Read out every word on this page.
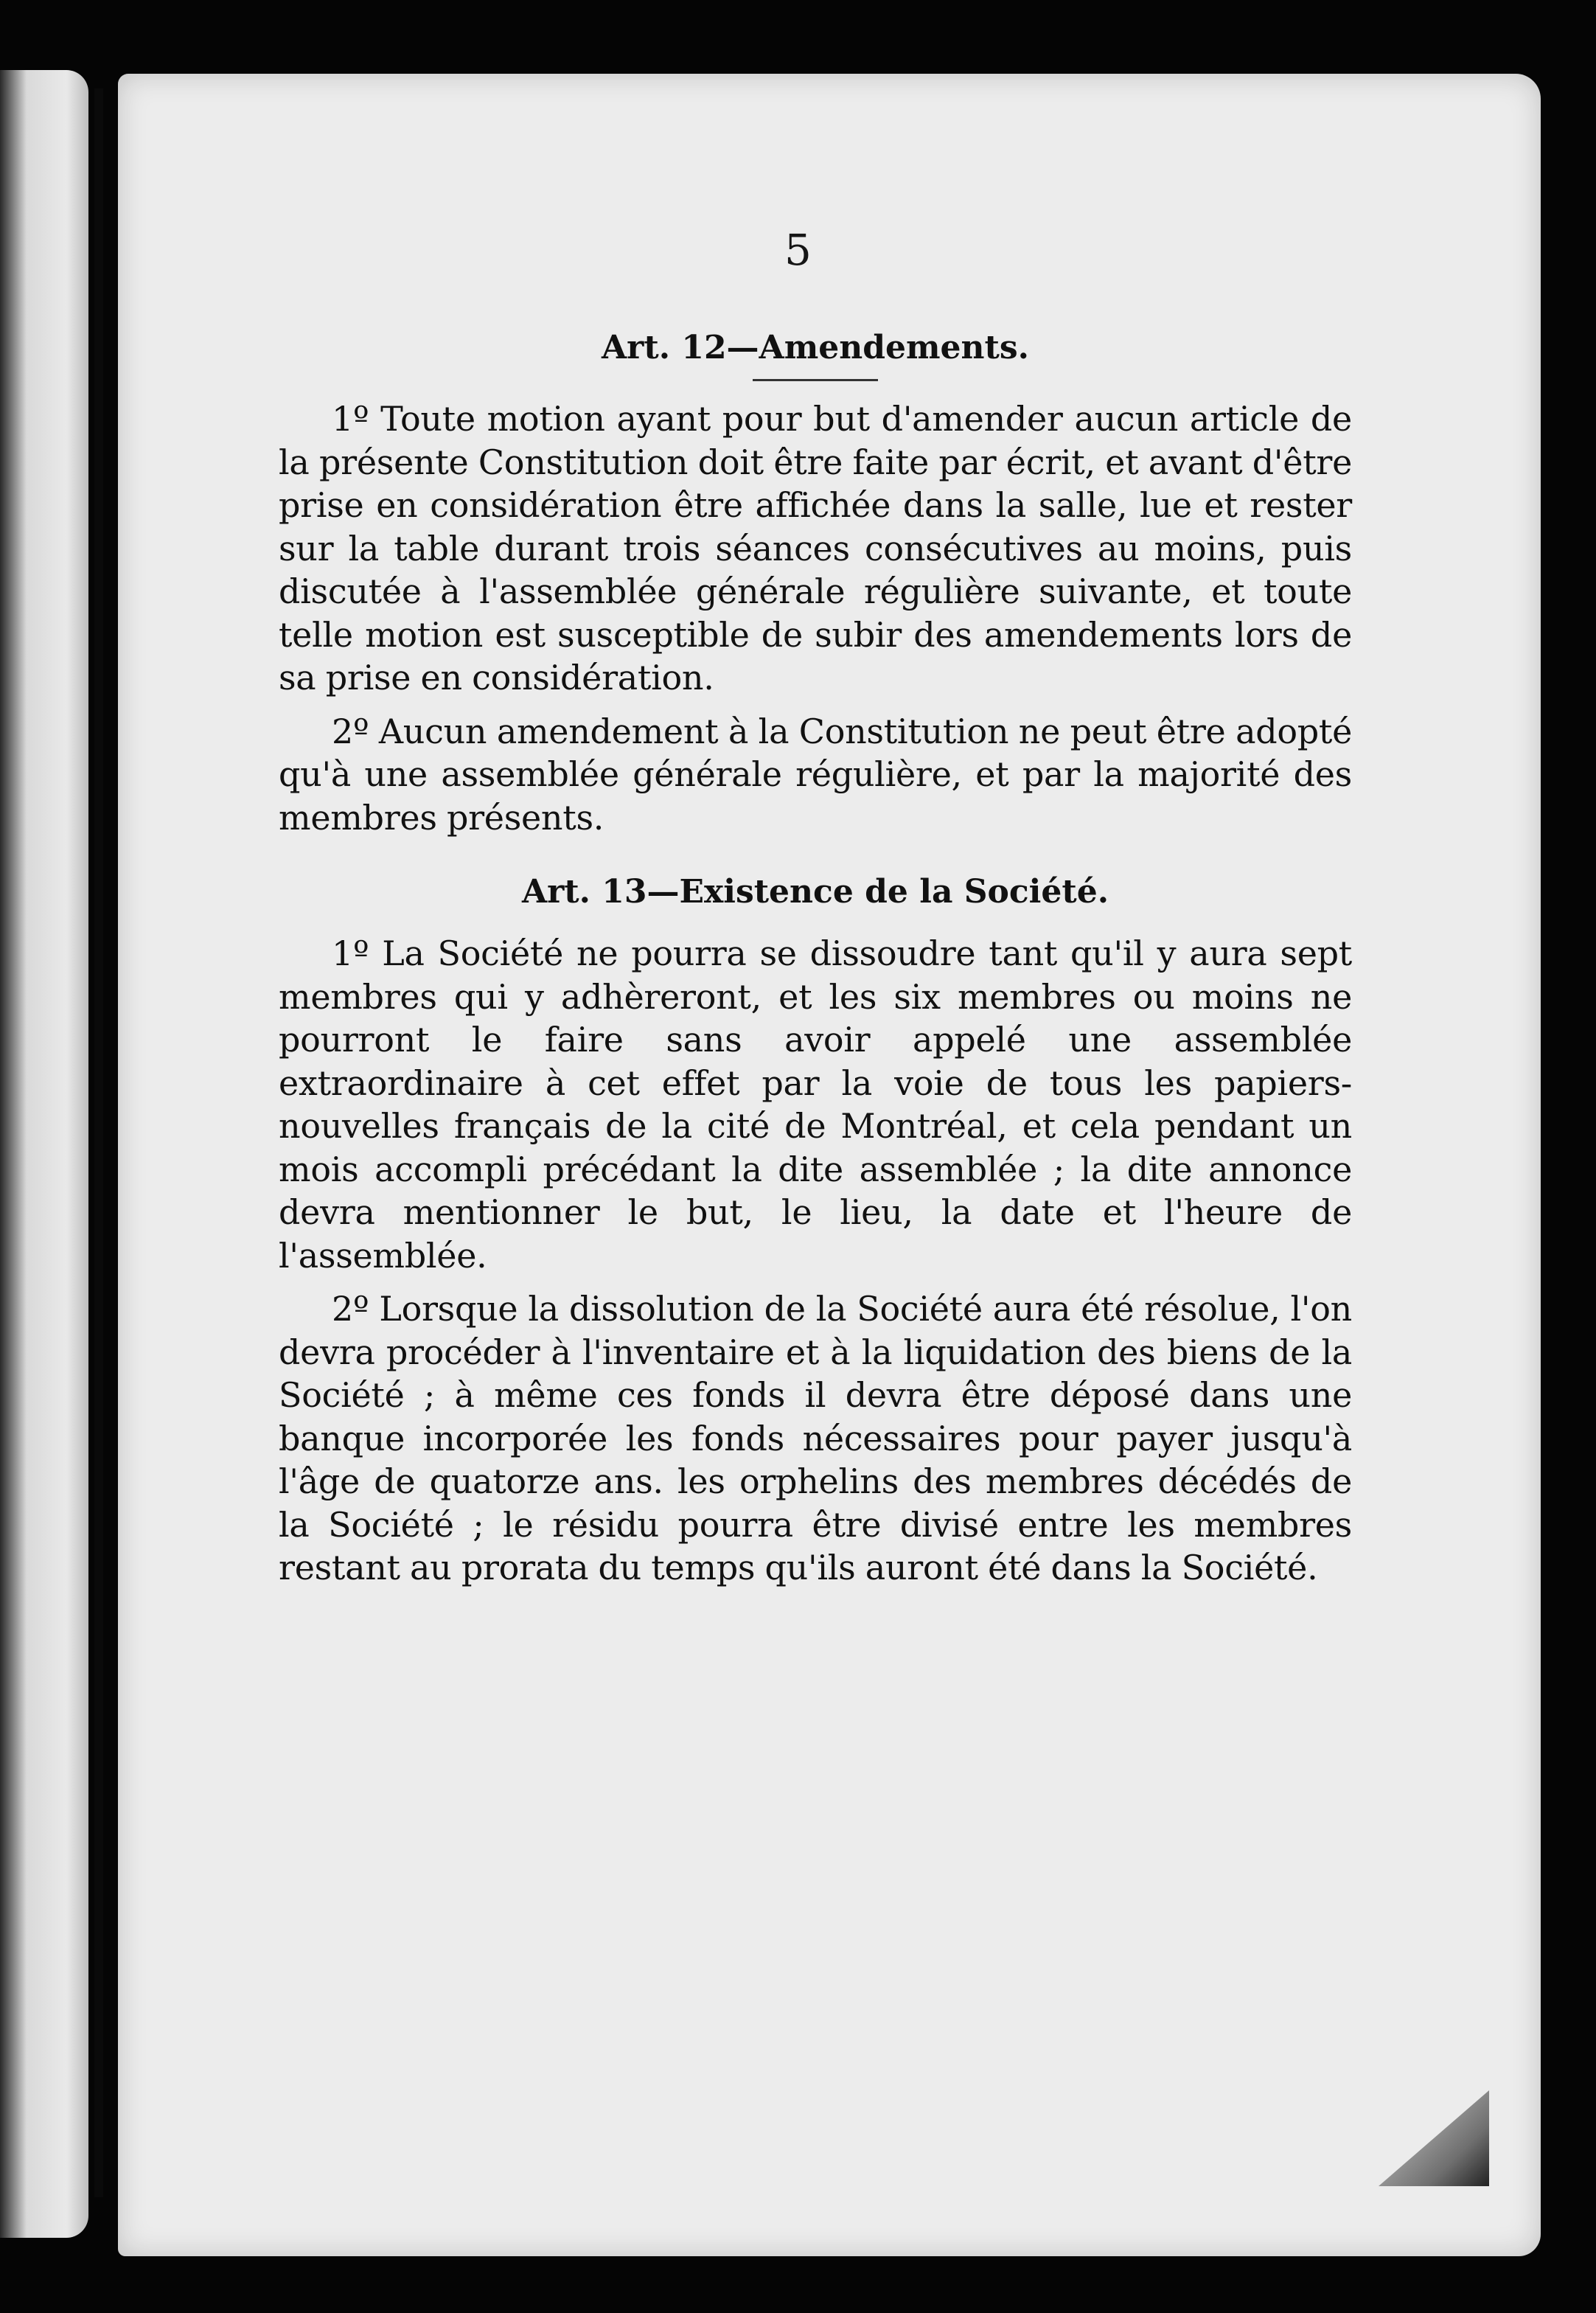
5
Art. 12—Amendements.

1º Toute motion ayant pour but d'amender aucun article de la présente Constitution doit être faite par écrit, et avant d'être prise en considération être affichée dans la salle, lue et rester sur la table durant trois séances consécutives au moins, puis discutée à l'assemblée générale régulière suivante, et toute telle motion est susceptible de subir des amendements lors de sa prise en considération.

2º Aucun amendement à la Constitution ne peut être adopté qu'à une assemblée générale régulière, et par la majorité des membres présents.

Art. 13—Existence de la Société.

1º La Société ne pourra se dissoudre tant qu'il y aura sept membres qui y adhèreront, et les six membres ou moins ne pourront le faire sans avoir appelé une assemblée extraordinaire à cet effet par la voie de tous les papiers-nouvelles français de la cité de Montréal, et cela pendant un mois accompli précédant la dite assemblée ; la dite annonce devra mentionner le but, le lieu, la date et l'heure de l'assemblée.

2º Lorsque la dissolution de la Société aura été résolue, l'on devra procéder à l'inventaire et à la liquidation des biens de la Société ; à même ces fonds il devra être déposé dans une banque incorporée les fonds nécessaires pour payer jusqu'à l'âge de quatorze ans. les orphelins des membres décédés de la Société ; le résidu pourra être divisé entre les membres restant au prorata du temps qu'ils auront été dans la Société.
